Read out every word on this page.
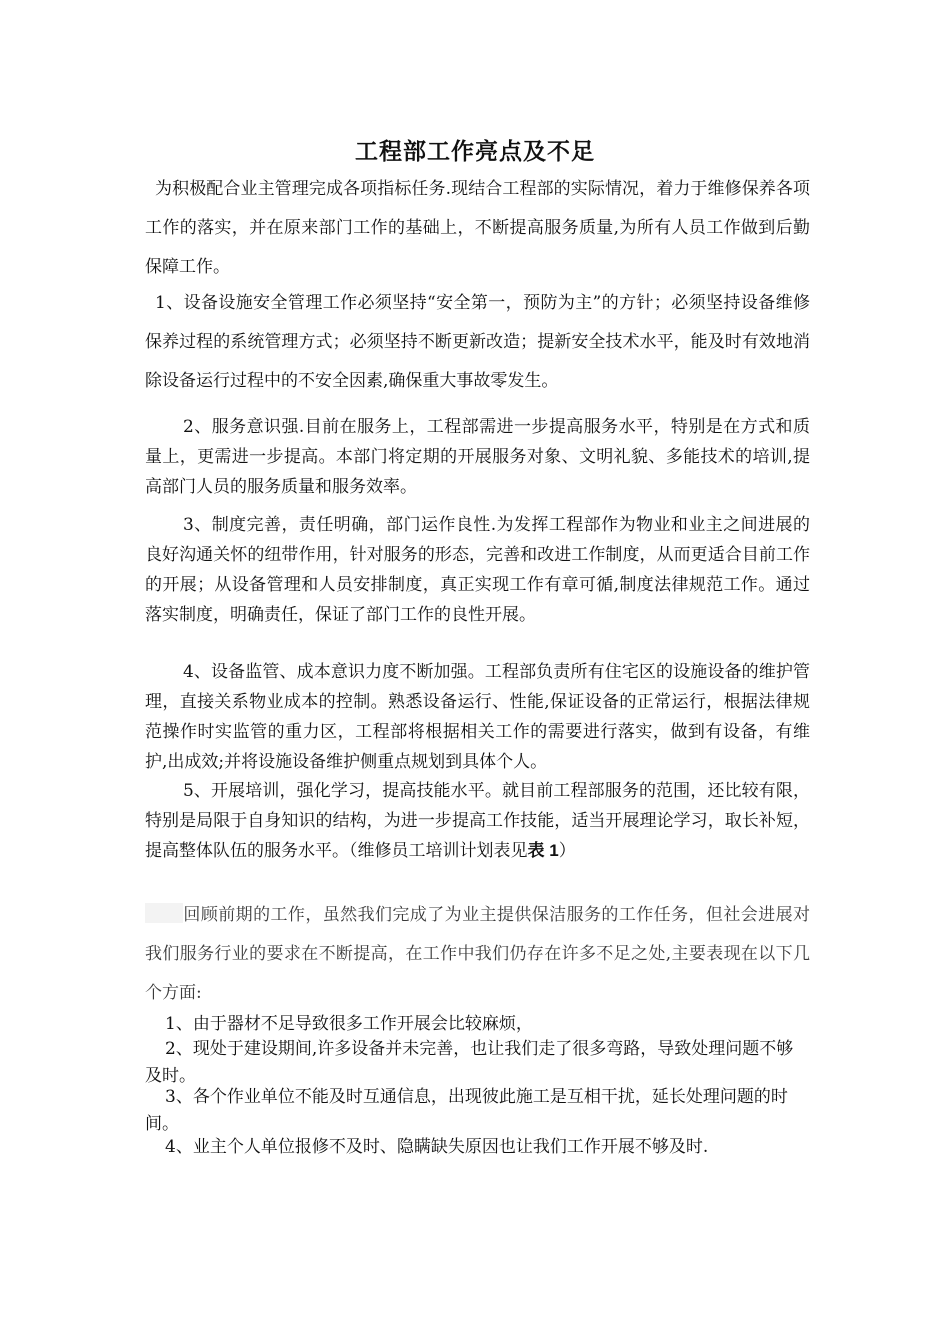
工程部工作亮点及不足

为积极配合业主管理完成各项指标任务.现结合工程部的实际情况，着力于维修保养各项工作的落实，并在原来部门工作的基础上，不断提高服务质量,为所有人员工作做到后勤保障工作。

1、设备设施安全管理工作必须坚持“安全第一，预防为主”的方针；必须坚持设备维修保养过程的系统管理方式；必须坚持不断更新改造；提新安全技术水平，能及时有效地消除设备运行过程中的不安全因素,确保重大事故零发生。

2、服务意识强.目前在服务上，工程部需进一步提高服务水平，特别是在方式和质量上，更需进一步提高。本部门将定期的开展服务对象、文明礼貌、多能技术的培训,提高部门人员的服务质量和服务效率。

3、制度完善，责任明确，部门运作良性.为发挥工程部作为物业和业主之间进展的良好沟通关怀的纽带作用，针对服务的形态，完善和改进工作制度，从而更适合目前工作的开展；从设备管理和人员安排制度，真正实现工作有章可循,制度法律规范工作。通过落实制度，明确责任，保证了部门工作的良性开展。

4、设备监管、成本意识力度不断加强。工程部负责所有住宅区的设施设备的维护管理，直接关系物业成本的控制。熟悉设备运行、性能,保证设备的正常运行，根据法律规范操作时实监管的重力区，工程部将根据相关工作的需要进行落实，做到有设备，有维护,出成效;并将设施设备维护侧重点规划到具体个人。

5、开展培训，强化学习，提高技能水平。就目前工程部服务的范围，还比较有限，特别是局限于自身知识的结构，为进一步提高工作技能，适当开展理论学习，取长补短，提高整体队伍的服务水平。（维修员工培训计划表见表 1）

回顾前期的工作，虽然我们完成了为业主提供保洁服务的工作任务，但社会进展对我们服务行业的要求在不断提高，在工作中我们仍存在许多不足之处,主要表现在以下几个方面:

1、由于器材不足导致很多工作开展会比较麻烦，

2、现处于建设期间,许多设备并未完善，也让我们走了很多弯路，导致处理问题不够及时。

3、各个作业单位不能及时互通信息，出现彼此施工是互相干扰，延长处理问题的时间。

4、业主个人单位报修不及时、隐瞒缺失原因也让我们工作开展不够及时.
